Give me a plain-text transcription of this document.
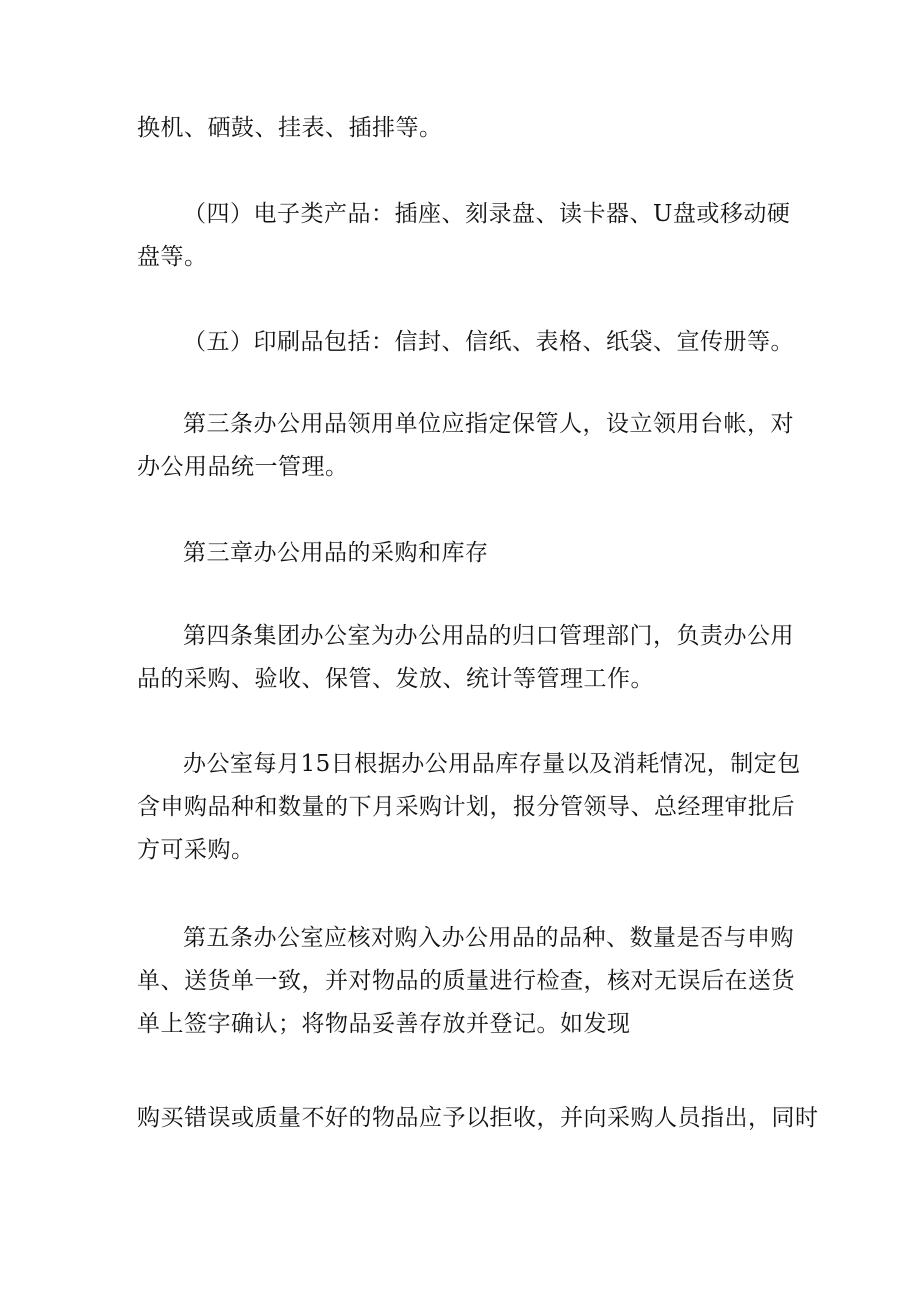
换机、硒鼓、挂表、插排等。

（四）电子类产品：插座、刻录盘、读卡器、U盘或移动硬
盘等。

（五）印刷品包括：信封、信纸、表格、纸袋、宣传册等。

第三条办公用品领用单位应指定保管人，设立领用台帐，对
办公用品统一管理。

第三章办公用品的采购和库存

第四条集团办公室为办公用品的归口管理部门，负责办公用
品的采购、验收、保管、发放、统计等管理工作。

办公室每月15日根据办公用品库存量以及消耗情况，制定包
含申购品种和数量的下月采购计划，报分管领导、总经理审批后
方可采购。

第五条办公室应核对购入办公用品的品种、数量是否与申购
单、送货单一致，并对物品的质量进行检查，核对无误后在送货
单上签字确认；将物品妥善存放并登记。如发现

购买错误或质量不好的物品应予以拒收，并向采购人员指出，同时
